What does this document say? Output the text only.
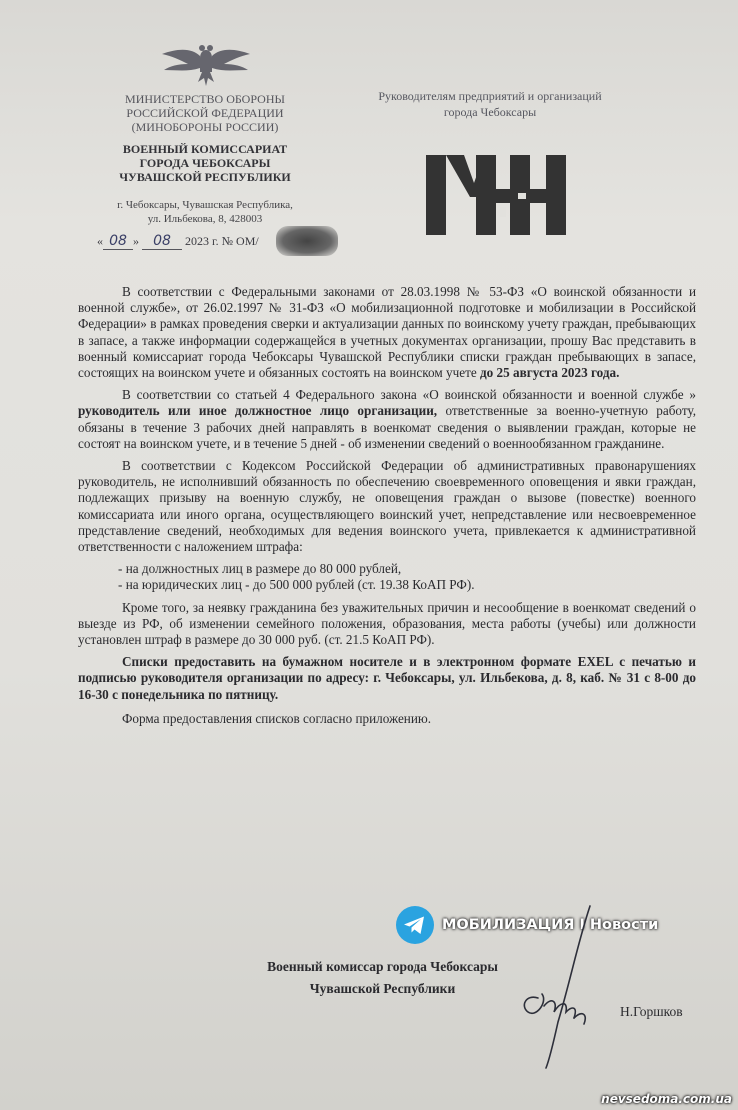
МИНИСТЕРСТВО ОБОРОНЫ
РОССИЙСКОЙ ФЕДЕРАЦИИ
(МИНОБОРОНЫ РОССИИ)
ВОЕННЫЙ КОМИССАРИАТ
ГОРОДА ЧЕБОКСАРЫ
ЧУВАШСКОЙ РЕСПУБЛИКИ
г. Чебоксары, Чувашская Республика,
ул. Ильбекова, 8, 428003
« 08 » 08 2023 г. № ОМ/
Руководителям предприятий и организаций
города Чебоксары

В соответствии с Федеральными законами от 28.03.1998 № 53-ФЗ «О воинской обязанности и военной службе», от 26.02.1997 № 31-ФЗ «О мобилизационной подготовке и мобилизации в Российской Федерации» в рамках проведения сверки и актуализации данных по воинскому учету граждан, пребывающих в запасе, а также информации содержащейся в учетных документах организации, прошу Вас представить в военный комиссариат города Чебоксары Чувашской Республики списки граждан пребывающих в запасе, состоящих на воинском учете и обязанных состоять на воинском учете до 25 августа 2023 года.

В соответствии со статьей 4 Федерального закона «О воинской обязанности и военной службе » руководитель или иное должностное лицо организации, ответственные за военно-учетную работу, обязаны в течение 3 рабочих дней направлять в военкомат сведения о выявлении граждан, которые не состоят на воинском учете, и в течение 5 дней - об изменении сведений о военнообязанном гражданине.

В соответствии с Кодексом Российской Федерации об административных правонарушениях руководитель, не исполнивший обязанность по обеспечению своевременного оповещения и явки граждан, подлежащих призыву на военную службу, не оповещения граждан о вызове (повестке) военного комиссариата или иного органа, осуществляющего воинский учет, непредставление или несвоевременное представление сведений, необходимых для ведения воинского учета, привлекается к административной ответственности с наложением штрафа:

- на должностных лиц в размере до 80 000 рублей,

- на юридических лиц - до 500 000 рублей (ст. 19.38 КоАП РФ).

Кроме того, за неявку гражданина без уважительных причин и несообщение в военкомат сведений о выезде из РФ, об изменении семейного положения, образования, места работы (учебы) или должности установлен штраф в размере до 30 000 руб. (ст. 21.5 КоАП РФ).

Списки предоставить на бумажном носителе и в электронном формате EXEL с печатью и подписью руководителя организации по адресу: г. Чебоксары, ул. Ильбекова, д. 8, каб. № 31 с 8-00 до 16-30 с понедельника по пятницу.

Форма предоставления списков согласно приложению.

МОБИЛИЗАЦИЯ I Новости
Военный комиссар города Чебоксары
Чувашской Республики
Н.Горшков
nevsedoma.com.ua
